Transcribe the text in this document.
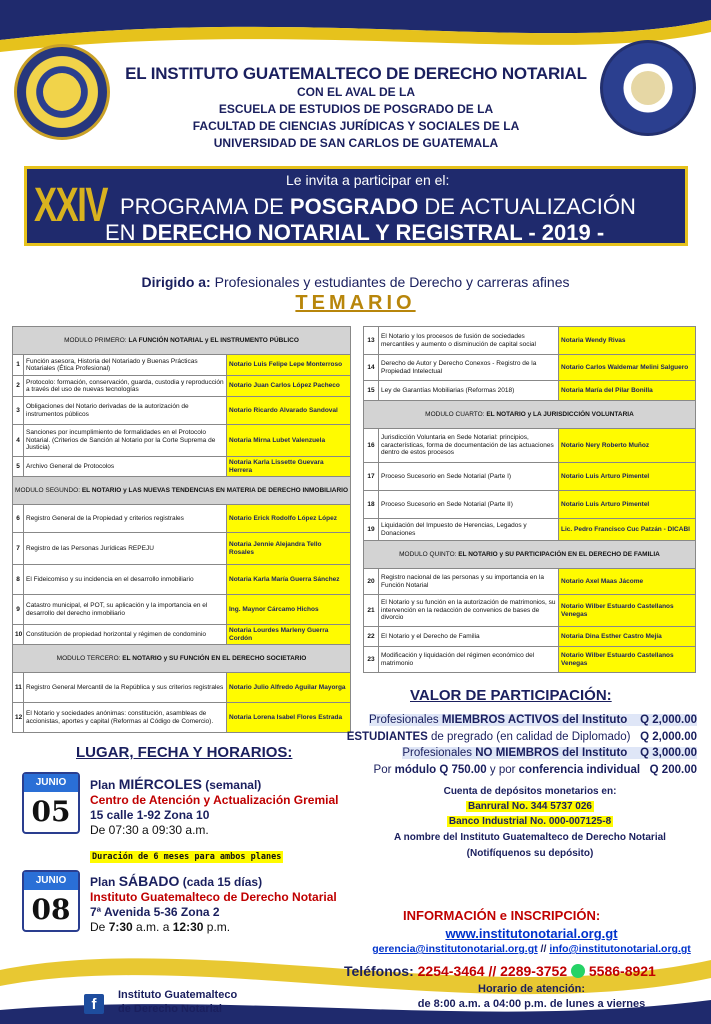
EL INSTITUTO GUATEMALTECO DE DERECHO NOTARIAL
CON EL AVAL DE LA
ESCUELA DE ESTUDIOS DE POSGRADO DE LA
FACULTAD DE CIENCIAS JURÍDICAS Y SOCIALES DE LA
UNIVERSIDAD DE SAN CARLOS DE GUATEMALA
XXIV	Le invita a participar en el:
PROGRAMA DE POSGRADO DE ACTUALIZACIÓN
EN DERECHO NOTARIAL Y REGISTRAL - 2019 -
Dirigido a: Profesionales y estudiantes de Derecho y carreras afines
TEMARIO
MODULO PRIMERO: LA FUNCIÓN NOTARIAL y EL INSTRUMENTO PÚBLICO		
1	Función asesora, Historia del Notariado y Buenas Prácticas Notariales (Ética Profesional)	Notario Luis Felipe Lepe Monterroso
2	Protocolo: formación, conservación, guarda, custodia y reproducción a través del uso de nuevas tecnologías	Notario Juan Carlos López Pacheco
3	Obligaciones del Notario derivadas de la autorización de instrumentos públicos	Notario Ricardo Alvarado Sandoval
4	Sanciones por incumplimiento de formalidades en el Protocolo Notarial. (Criterios de Sanción al Notario por la Corte Suprema de Justicia)	Notaria Mirna Lubet Valenzuela
5	Archivo General de Protocolos	Notaria Karla Lissette Guevara Herrera
MODULO SEGUNDO: EL NOTARIO y LAS NUEVAS TENDENCIAS EN MATERIA DE DERECHO INMOBILIARIO		
6	Registro General de la Propiedad y criterios registrales	Notario Erick Rodolfo López López
7	Registro de las Personas Jurídicas REPEJU	Notaria Jennie Alejandra Tello Rosales
8	El Fideicomiso y su incidencia en el desarrollo inmobiliario	Notaria Karla María Guerra Sánchez
9	Catastro municipal, el POT, su aplicación y la importancia en el desarrollo del derecho inmobiliario	Ing. Maynor Cárcamo Hichos
10	Constitución de propiedad horizontal y régimen de condominio	Notaria Lourdes Marleny Guerra Cordón
MODULO TERCERO: EL NOTARIO y SU FUNCIÓN EN EL DERECHO SOCIETARIO		
11	Registro General Mercantil de la República y sus criterios registrales	Notario Julio Alfredo Aguilar Mayorga
12	El Notario y sociedades anónimas: constitución, asambleas de accionistas, aportes y capital (Reformas al Código de Comercio).	Notaria Lorena Isabel Flores Estrada
13	El Notario y los procesos de fusión de sociedades mercantiles y aumento o disminución de capital social	Notaria Wendy Rivas
14	Derecho de Autor y Derecho Conexos - Registro de la Propiedad Intelectual	Notario Carlos Waldemar Melini Salguero
15	Ley de Garantías Mobiliarias (Reformas 2018)	Notaria María del Pilar Bonilla
MODULO CUARTO: EL NOTARIO y LA JURISDICCIÓN VOLUNTARIA		
16	Jurisdicción Voluntaria en Sede Notarial: principios, características, forma de documentación de las actuaciones dentro de estos procesos	Notario Nery Roberto Muñoz
17	Proceso Sucesorio en Sede Notarial (Parte I)	Notario Luis Arturo Pimentel
18	Proceso Sucesorio en Sede Notarial (Parte II)	Notario Luis Arturo Pimentel
19	Liquidación del Impuesto de Herencias, Legados y Donaciones	Lic. Pedro Francisco Cuc Patzán - DICABI
MODULO QUINTO: EL NOTARIO y SU PARTICIPACIÓN EN EL DERECHO DE FAMILIA		
20	Registro nacional de las personas y su importancia en la Función Notarial	Notario Axel Maas Jácome
21	El Notario y su función en la autorización de matrimonios, su intervención en la redacción de convenios de bases de divorcio	Notario Wilber Estuardo Castellanos Venegas
22	El Notario y el Derecho de Familia	Notaria Dina Esther Castro Mejía
23	Modificación y liquidación del régimen económico del matrimonio	Notario Wilber Estuardo Castellanos Venegas
VALOR DE PARTICIPACIÓN:
Profesionales MIEMBROS ACTIVOS del Instituto Q 2,000.00
ESTUDIANTES de pregrado (en calidad de Diplomado) Q 2,000.00
Profesionales NO MIEMBROS del Instituto Q 3,000.00
Por módulo Q 750.00 y por conferencia individual Q 200.00
Cuenta de depósitos monetarios en:
Banrural No. 344 5737 026
Banco Industrial No. 000-007125-8
A nombre del Instituto Guatemalteco de Derecho Notarial
(Notifíquenos su depósito)
LUGAR, FECHA Y HORARIOS:
JUNIO
05
Plan MIÉRCOLES (semanal)
Centro de Atención y Actualización Gremial
15 calle 1-92 Zona 10
De 07:30 a 09:30 a.m.
Duración de 6 meses para ambos planes
JUNIO
08
Plan SÁBADO (cada 15 días)
Instituto Guatemalteco de Derecho Notarial
7ª Avenida 5-36 Zona 2
De 7:30 a.m. a 12:30 p.m.
INFORMACIÓN e INSCRIPCIÓN:
www.institutonotarial.org.gt
gerencia@institutonotarial.org.gt // info@institutonotarial.org.gt
Teléfonos: 2254-3464 // 2289-3752 5586-8921
Horario de atención:
de 8:00 a.m. a 04:00 p.m. de lunes a viernes
f
Instituto Guatemalteco
de Derecho Notarial
